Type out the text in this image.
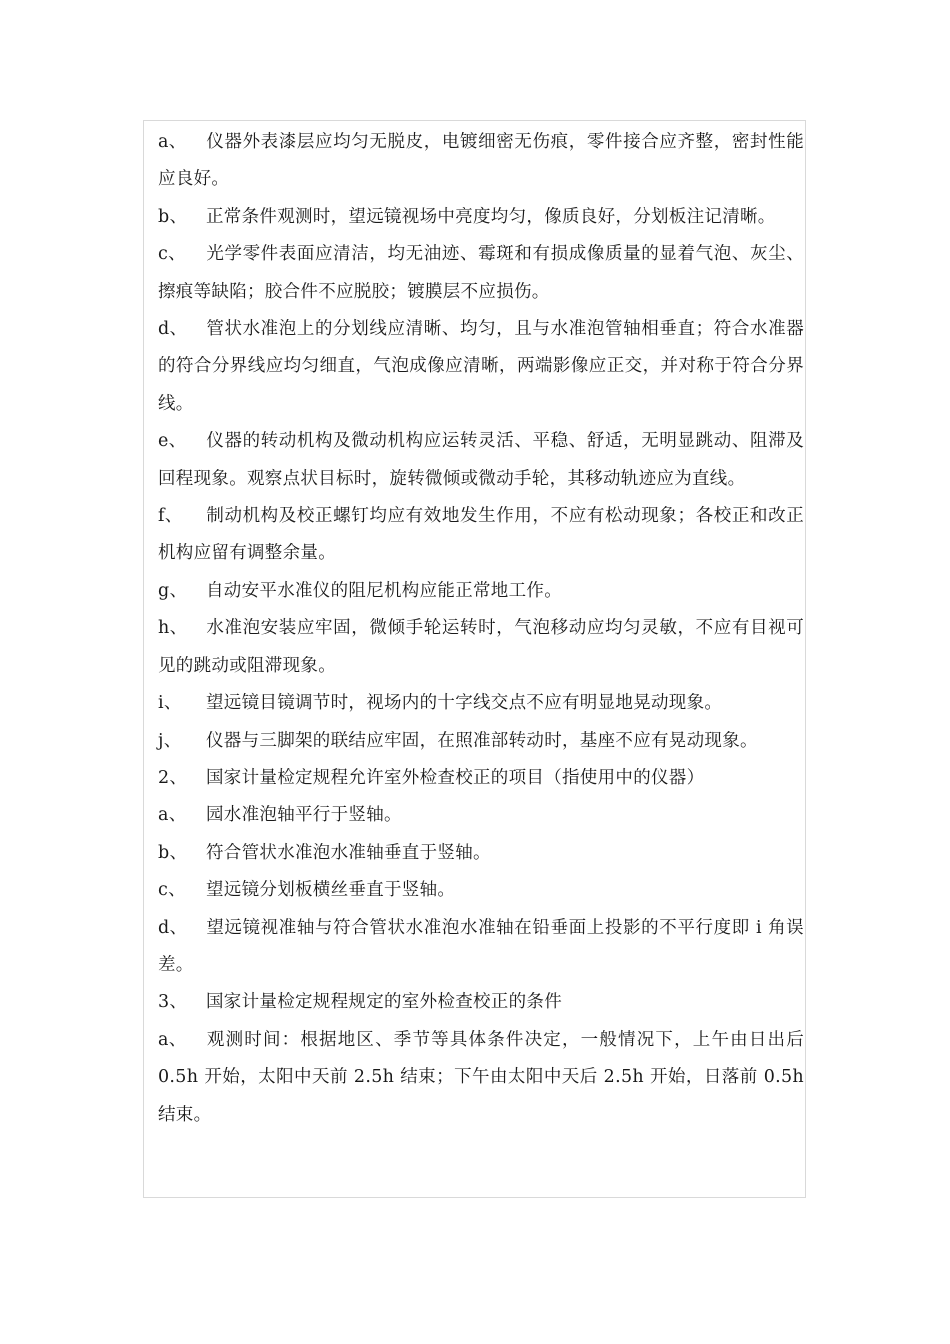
a、 仪器外表漆层应均匀无脱皮，电镀细密无伤痕，零件接合应齐整，密封性能应良好。

b、 正常条件观测时，望远镜视场中亮度均匀，像质良好，分划板注记清晰。

c、 光学零件表面应清洁，均无油迹、霉斑和有损成像质量的显着气泡、灰尘、擦痕等缺陷；胶合件不应脱胶；镀膜层不应损伤。

d、 管状水准泡上的分划线应清晰、均匀，且与水准泡管轴相垂直；符合水准器的符合分界线应均匀细直，气泡成像应清晰，两端影像应正交，并对称于符合分界线。

e、 仪器的转动机构及微动机构应运转灵活、平稳、舒适，无明显跳动、阻滞及回程现象。观察点状目标时，旋转微倾或微动手轮，其移动轨迹应为直线。

f、 制动机构及校正螺钉均应有效地发生作用，不应有松动现象；各校正和改正机构应留有调整余量。

g、 自动安平水准仪的阻尼机构应能正常地工作。

h、 水准泡安装应牢固，微倾手轮运转时，气泡移动应均匀灵敏，不应有目视可见的跳动或阻滞现象。

i、 望远镜目镜调节时，视场内的十字线交点不应有明显地晃动现象。

j、 仪器与三脚架的联结应牢固，在照准部转动时，基座不应有晃动现象。

2、 国家计量检定规程允许室外检查校正的项目（指使用中的仪器）

a、 园水准泡轴平行于竖轴。

b、 符合管状水准泡水准轴垂直于竖轴。

c、 望远镜分划板横丝垂直于竖轴。

d、 望远镜视准轴与符合管状水准泡水准轴在铅垂面上投影的不平行度即 i 角误差。

3、 国家计量检定规程规定的室外检查校正的条件

a、 观测时间：根据地区、季节等具体条件决定，一般情况下，上午由日出后 0.5h 开始，太阳中天前 2.5h 结束；下午由太阳中天后 2.5h 开始，日落前 0.5h 结束。
